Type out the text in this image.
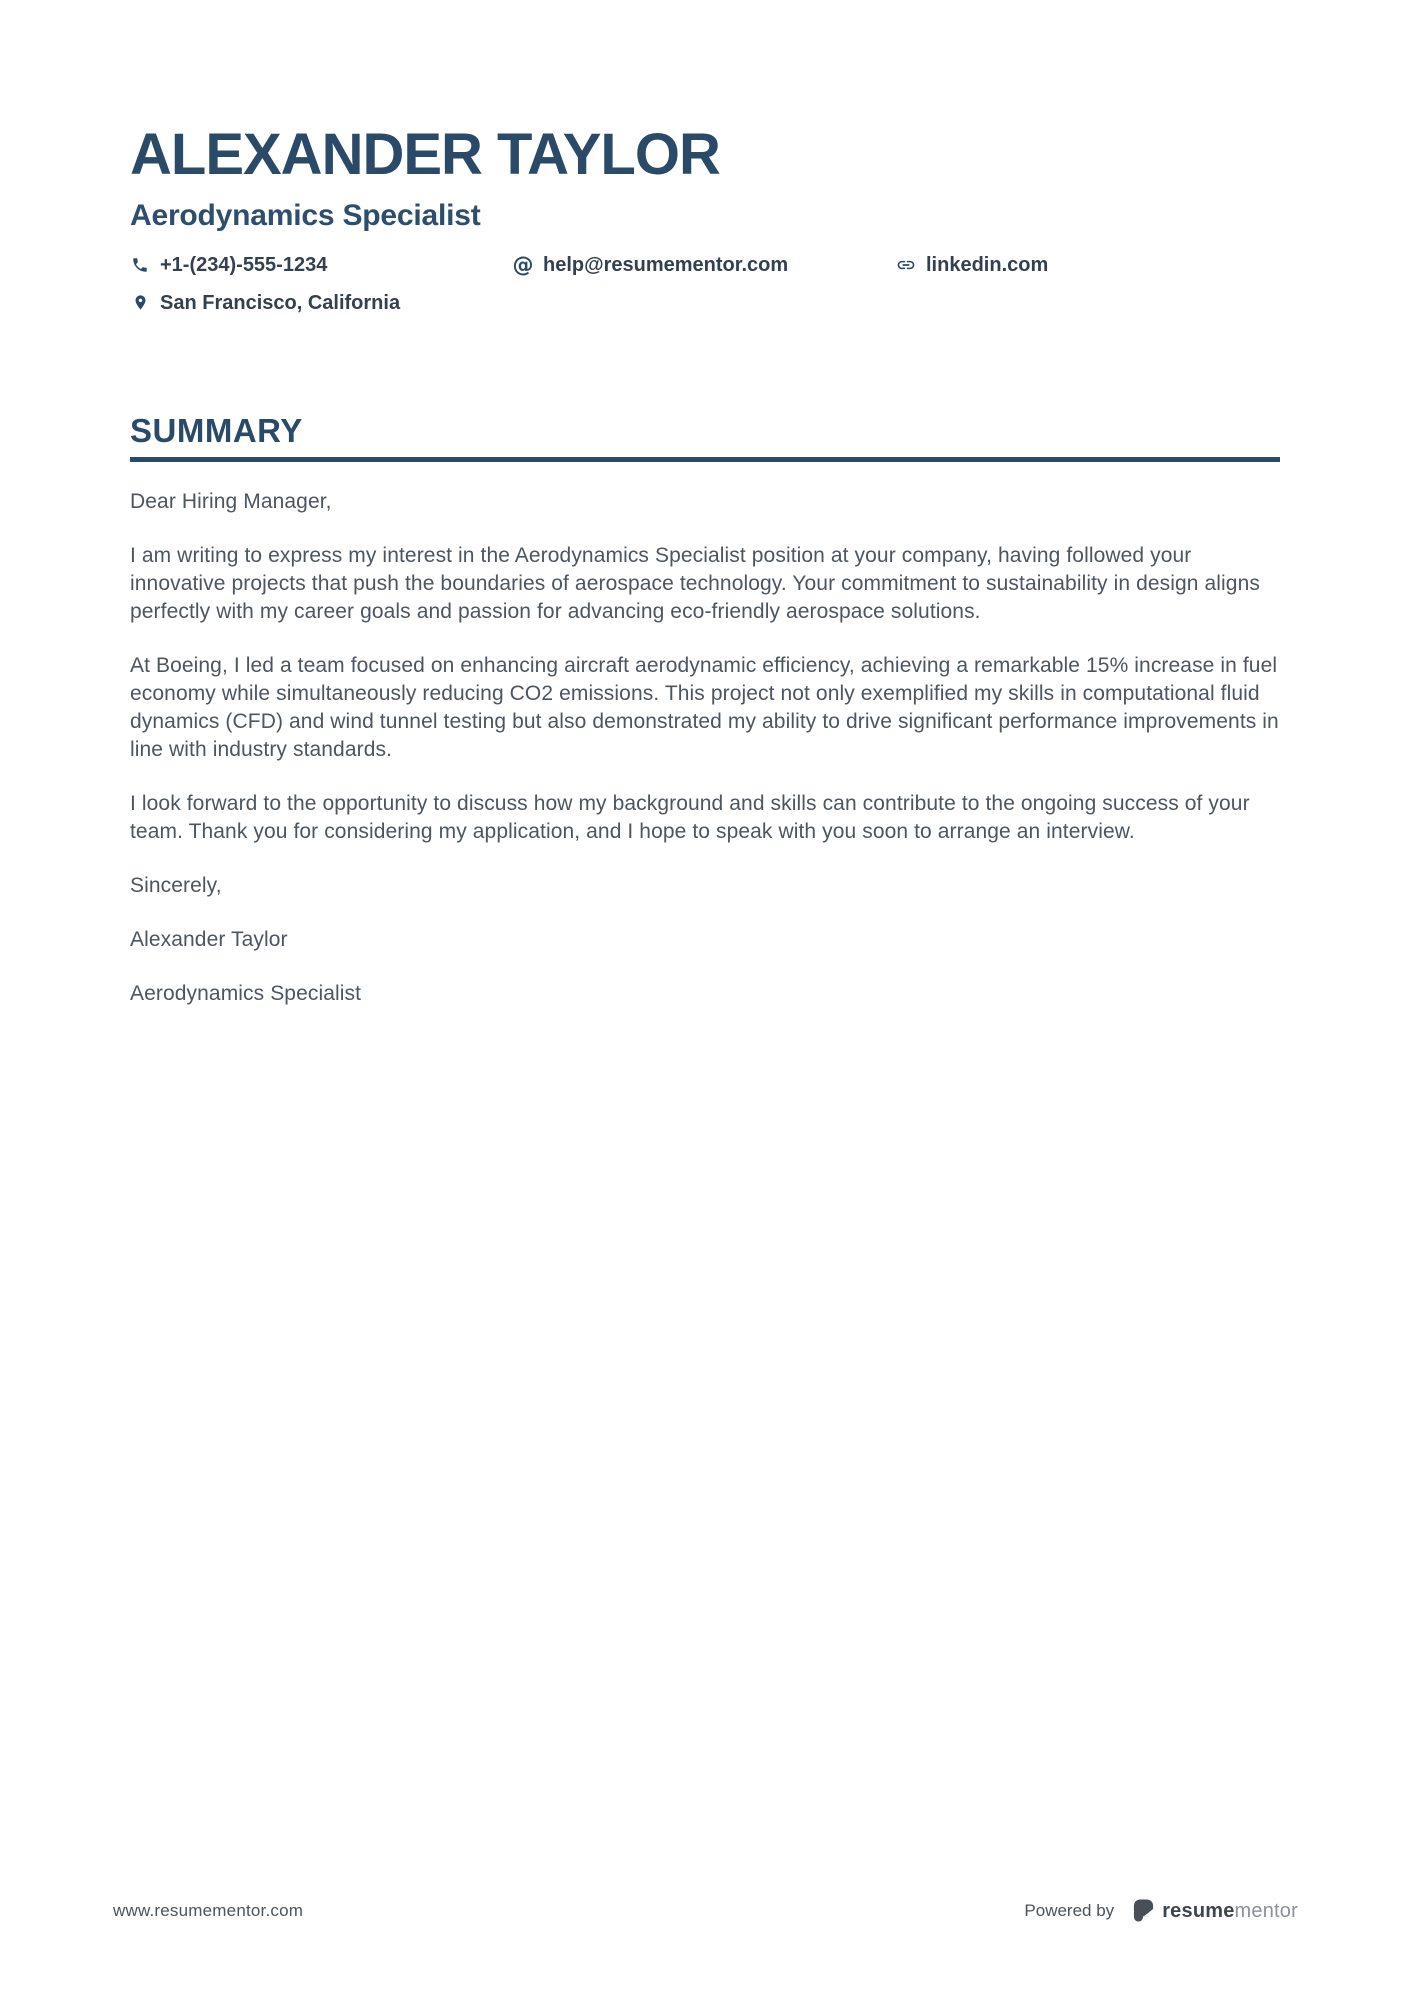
ALEXANDER TAYLOR
Aerodynamics Specialist
+1-(234)-555-1234	@ help@resumementor.com	linkedin.com
San Francisco, California
SUMMARY

Dear Hiring Manager,

I am writing to express my interest in the Aerodynamics Specialist position at your company, having followed your innovative projects that push the boundaries of aerospace technology. Your commitment to sustainability in design aligns perfectly with my career goals and passion for advancing eco-friendly aerospace solutions.

At Boeing, I led a team focused on enhancing aircraft aerodynamic efficiency, achieving a remarkable 15% increase in fuel economy while simultaneously reducing CO2 emissions. This project not only exemplified my skills in computational fluid dynamics (CFD) and wind tunnel testing but also demonstrated my ability to drive significant performance improvements in line with industry standards.

I look forward to the opportunity to discuss how my background and skills can contribute to the ongoing success of your team. Thank you for considering my application, and I hope to speak with you soon to arrange an interview.

Sincerely,

Alexander Taylor

Aerodynamics Specialist

www.resumementor.com	Powered by resumementor
